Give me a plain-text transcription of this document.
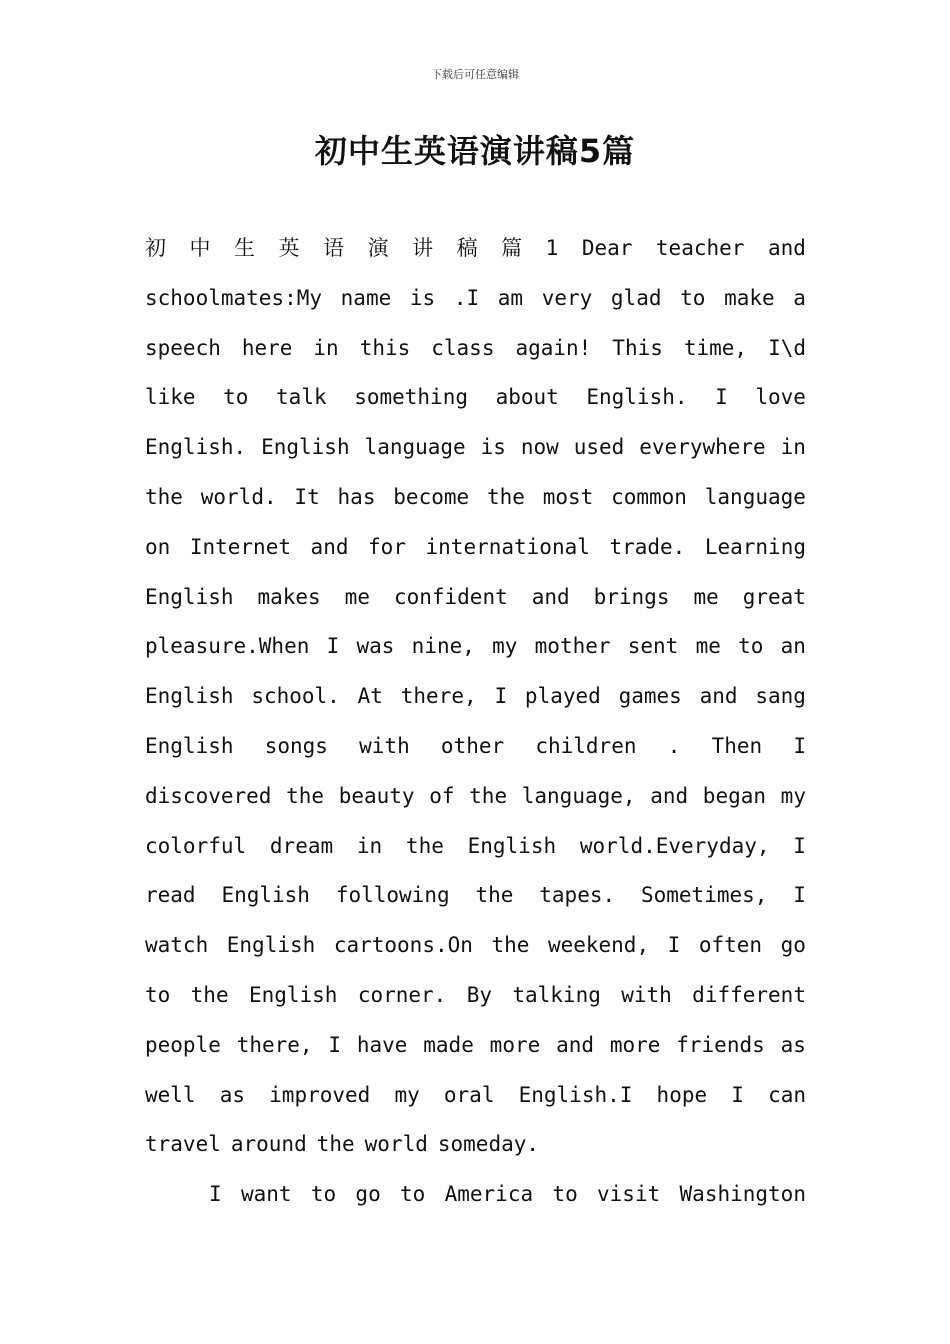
下载后可任意编辑
初中生英语演讲稿5篇
初 中 生 英 语 演 讲 稿 篇 1 Dear teacher and
schoolmates:My name is .I am very glad to make a
speech here in this class again! This time, I\d
like to talk something about English. I love
English. English language is now used everywhere in
the world. It has become the most common language
on Internet and for international trade. Learning
English makes me confident and brings me great
pleasure.When I was nine, my mother sent me to an
English school. At there, I played games and sang
English songs with other children . Then I
discovered the beauty of the language, and began my
colorful dream in the English world.Everyday, I
read English following the tapes. Sometimes, I
watch English cartoons.On the weekend, I often go
to the English corner. By talking with different
people there, I have made more and more friends as
well as improved my oral English.I hope I can
travel around the world someday.
I want to go to America to visit Washington
